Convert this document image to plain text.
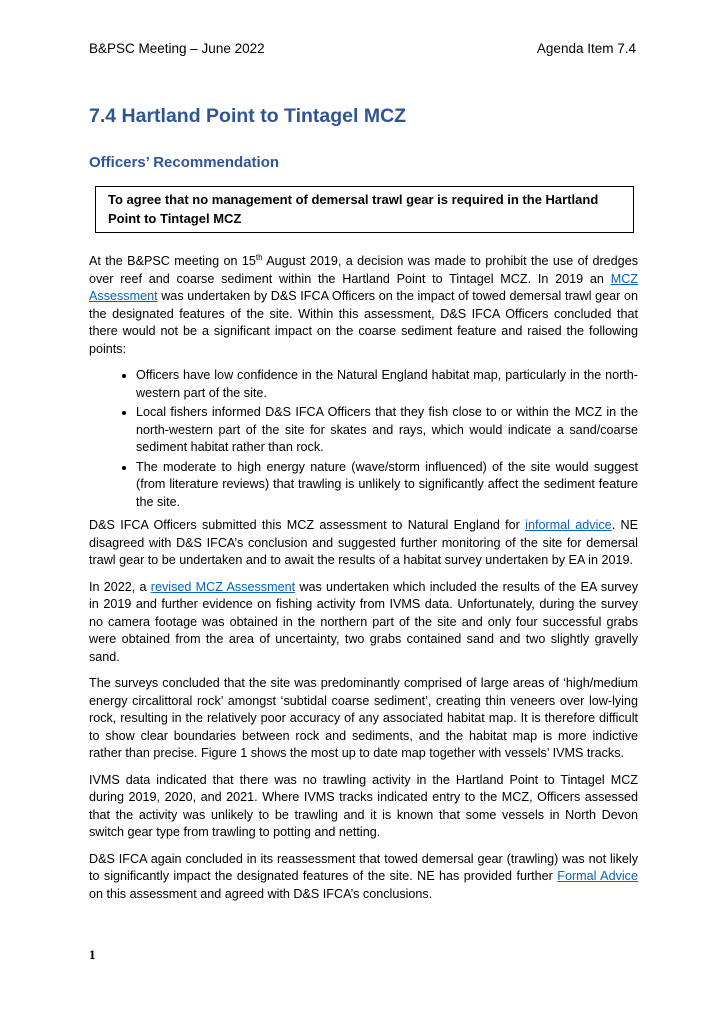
B&PSC Meeting – June 2022	Agenda Item 7.4
7.4 Hartland Point to Tintagel MCZ
Officers’ Recommendation
To agree that no management of demersal trawl gear is required in the Hartland Point to Tintagel MCZ

At the B&PSC meeting on 15th August 2019, a decision was made to prohibit the use of dredges over reef and coarse sediment within the Hartland Point to Tintagel MCZ. In 2019 an MCZ Assessment was undertaken by D&S IFCA Officers on the impact of towed demersal trawl gear on the designated features of the site. Within this assessment, D&S IFCA Officers concluded that there would not be a significant impact on the coarse sediment feature and raised the following points:

• Officers have low confidence in the Natural England habitat map, particularly in the north-western part of the site.
• Local fishers informed D&S IFCA Officers that they fish close to or within the MCZ in the north-western part of the site for skates and rays, which would indicate a sand/coarse sediment habitat rather than rock.
• The moderate to high energy nature (wave/storm influenced) of the site would suggest (from literature reviews) that trawling is unlikely to significantly affect the sediment feature the site.

D&S IFCA Officers submitted this MCZ assessment to Natural England for informal advice. NE disagreed with D&S IFCA’s conclusion and suggested further monitoring of the site for demersal trawl gear to be undertaken and to await the results of a habitat survey undertaken by EA in 2019.

In 2022, a revised MCZ Assessment was undertaken which included the results of the EA survey in 2019 and further evidence on fishing activity from IVMS data. Unfortunately, during the survey no camera footage was obtained in the northern part of the site and only four successful grabs were obtained from the area of uncertainty, two grabs contained sand and two slightly gravelly sand.

The surveys concluded that the site was predominantly comprised of large areas of ‘high/medium energy circalittoral rock’ amongst ‘subtidal coarse sediment’, creating thin veneers over low-lying rock, resulting in the relatively poor accuracy of any associated habitat map. It is therefore difficult to show clear boundaries between rock and sediments, and the habitat map is more indictive rather than precise. Figure 1 shows the most up to date map together with vessels’ IVMS tracks.

IVMS data indicated that there was no trawling activity in the Hartland Point to Tintagel MCZ during 2019, 2020, and 2021. Where IVMS tracks indicated entry to the MCZ, Officers assessed that the activity was unlikely to be trawling and it is known that some vessels in North Devon switch gear type from trawling to potting and netting.

D&S IFCA again concluded in its reassessment that towed demersal gear (trawling) was not likely to significantly impact the designated features of the site. NE has provided further Formal Advice on this assessment and agreed with D&S IFCA’s conclusions.

1
